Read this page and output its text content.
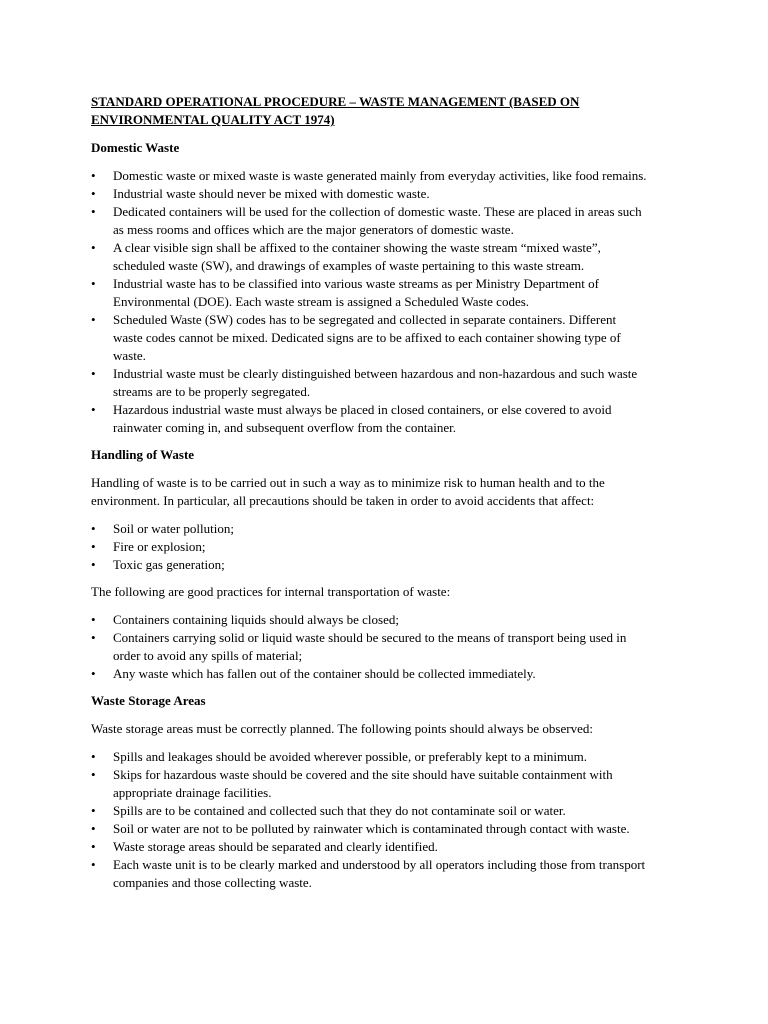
STANDARD OPERATIONAL PROCEDURE – WASTE MANAGEMENT (BASED ON ENVIRONMENTAL QUALITY ACT 1974)
Domestic Waste
• Domestic waste or mixed waste is waste generated mainly from everyday activities, like food remains.
• Industrial waste should never be mixed with domestic waste.
• Dedicated containers will be used for the collection of domestic waste. These are placed in areas such as mess rooms and offices which are the major generators of domestic waste.
• A clear visible sign shall be affixed to the container showing the waste stream “mixed waste”, scheduled waste (SW), and drawings of examples of waste pertaining to this waste stream.
• Industrial waste has to be classified into various waste streams as per Ministry Department of Environmental (DOE). Each waste stream is assigned a Scheduled Waste codes.
• Scheduled Waste (SW) codes has to be segregated and collected in separate containers. Different waste codes cannot be mixed. Dedicated signs are to be affixed to each container showing type of waste.
• Industrial waste must be clearly distinguished between hazardous and non-hazardous and such waste streams are to be properly segregated.
• Hazardous industrial waste must always be placed in closed containers, or else covered to avoid rainwater coming in, and subsequent overflow from the container.
Handling of Waste
Handling of waste is to be carried out in such a way as to minimize risk to human health and to the environment. In particular, all precautions should be taken in order to avoid accidents that affect:
• Soil or water pollution;
• Fire or explosion;
• Toxic gas generation;
The following are good practices for internal transportation of waste:
• Containers containing liquids should always be closed;
• Containers carrying solid or liquid waste should be secured to the means of transport being used in order to avoid any spills of material;
• Any waste which has fallen out of the container should be collected immediately.
Waste Storage Areas
Waste storage areas must be correctly planned. The following points should always be observed:
• Spills and leakages should be avoided wherever possible, or preferably kept to a minimum.
• Skips for hazardous waste should be covered and the site should have suitable containment with appropriate drainage facilities.
• Spills are to be contained and collected such that they do not contaminate soil or water.
• Soil or water are not to be polluted by rainwater which is contaminated through contact with waste.
• Waste storage areas should be separated and clearly identified.
• Each waste unit is to be clearly marked and understood by all operators including those from transport companies and those collecting waste.
